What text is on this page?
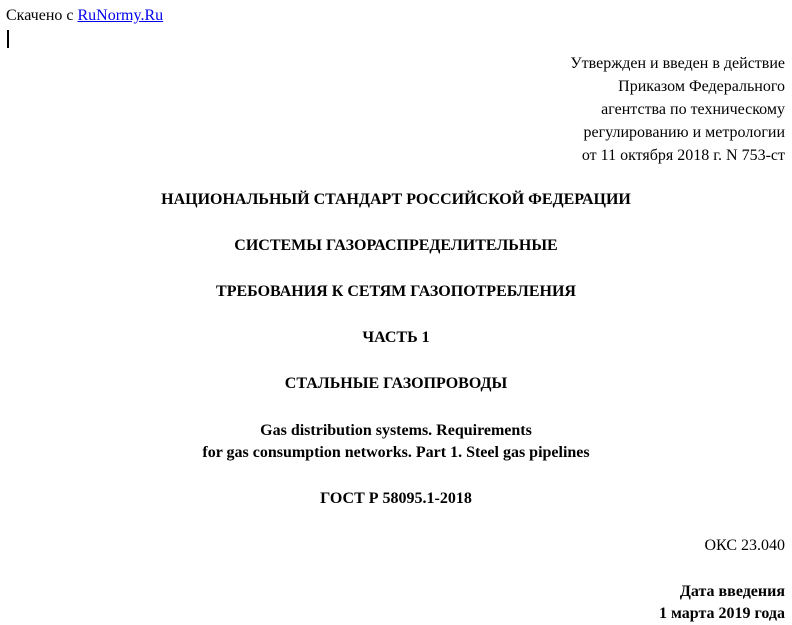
Скачено с RuNormy.Ru
Утвержден и введен в действие
Приказом Федерального
агентства по техническому
регулированию и метрологии
от 11 октября 2018 г. N 753-ст
НАЦИОНАЛЬНЫЙ СТАНДАРТ РОССИЙСКОЙ ФЕДЕРАЦИИ
СИСТЕМЫ ГАЗОРАСПРЕДЕЛИТЕЛЬНЫЕ
ТРЕБОВАНИЯ К СЕТЯМ ГАЗОПОТРЕБЛЕНИЯ
ЧАСТЬ 1
СТАЛЬНЫЕ ГАЗОПРОВОДЫ
Gas distribution systems. Requirements
for gas consumption networks. Part 1. Steel gas pipelines
ГОСТ Р 58095.1-2018
ОКС 23.040
Дата введения
1 марта 2019 года
